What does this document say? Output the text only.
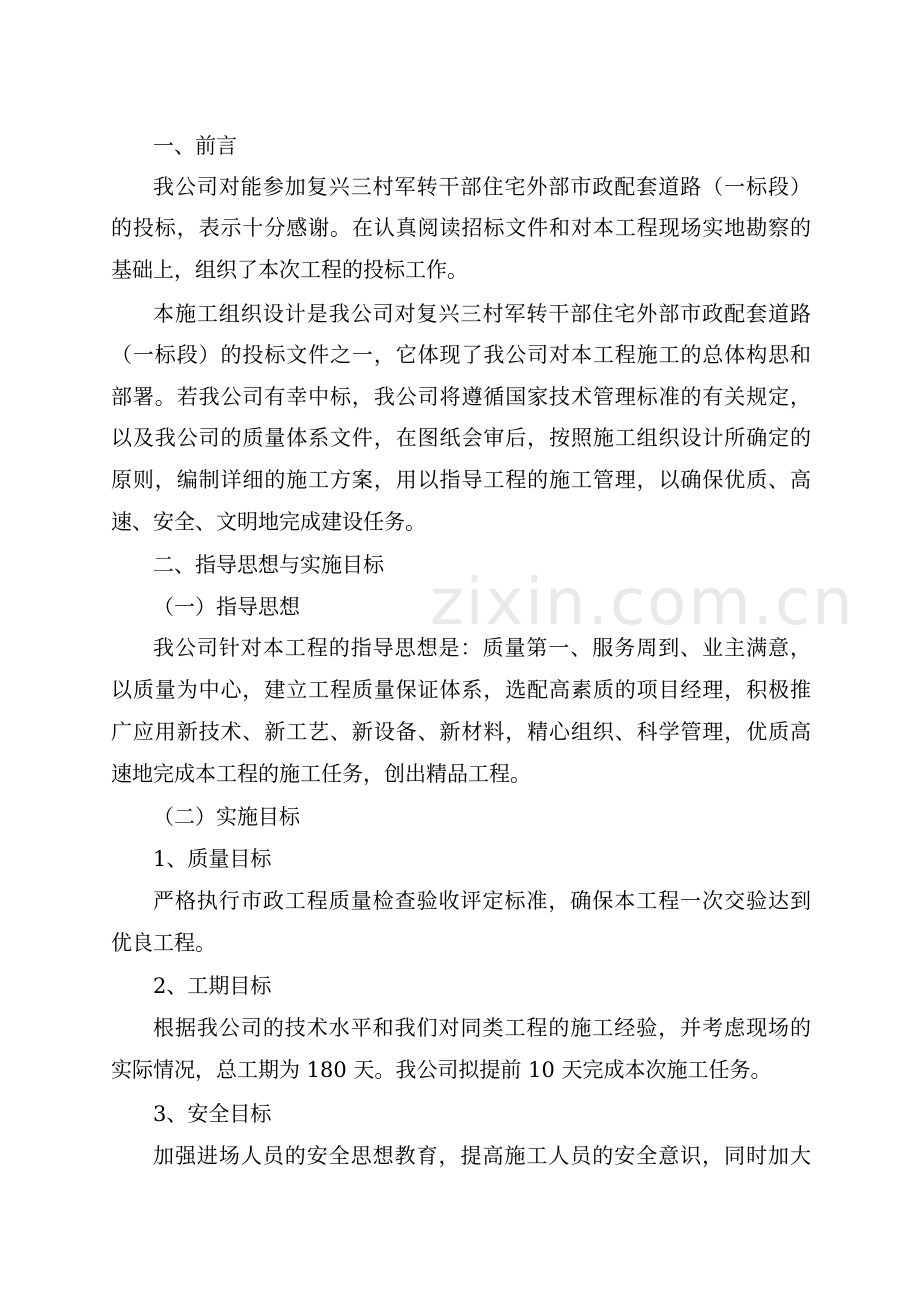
zixin.com.cn
一、前言
我公司对能参加复兴三村军转干部住宅外部市政配套道路（一标段）
的投标，表示十分感谢。在认真阅读招标文件和对本工程现场实地勘察的
基础上，组织了本次工程的投标工作。
本施工组织设计是我公司对复兴三村军转干部住宅外部市政配套道路
（一标段）的投标文件之一，它体现了我公司对本工程施工的总体构思和
部署。若我公司有幸中标，我公司将遵循国家技术管理标准的有关规定，
以及我公司的质量体系文件，在图纸会审后，按照施工组织设计所确定的
原则，编制详细的施工方案，用以指导工程的施工管理，以确保优质、高
速、安全、文明地完成建设任务。
二、指导思想与实施目标
（一）指导思想
我公司针对本工程的指导思想是：质量第一、服务周到、业主满意，
以质量为中心，建立工程质量保证体系，选配高素质的项目经理，积极推
广应用新技术、新工艺、新设备、新材料，精心组织、科学管理，优质高
速地完成本工程的施工任务，创出精品工程。
（二）实施目标
1、质量目标
严格执行市政工程质量检查验收评定标准，确保本工程一次交验达到
优良工程。
2、工期目标
根据我公司的技术水平和我们对同类工程的施工经验，并考虑现场的
实际情况，总工期为 180 天。我公司拟提前 10 天完成本次施工任务。
3、安全目标
加强进场人员的安全思想教育，提高施工人员的安全意识，同时加大
